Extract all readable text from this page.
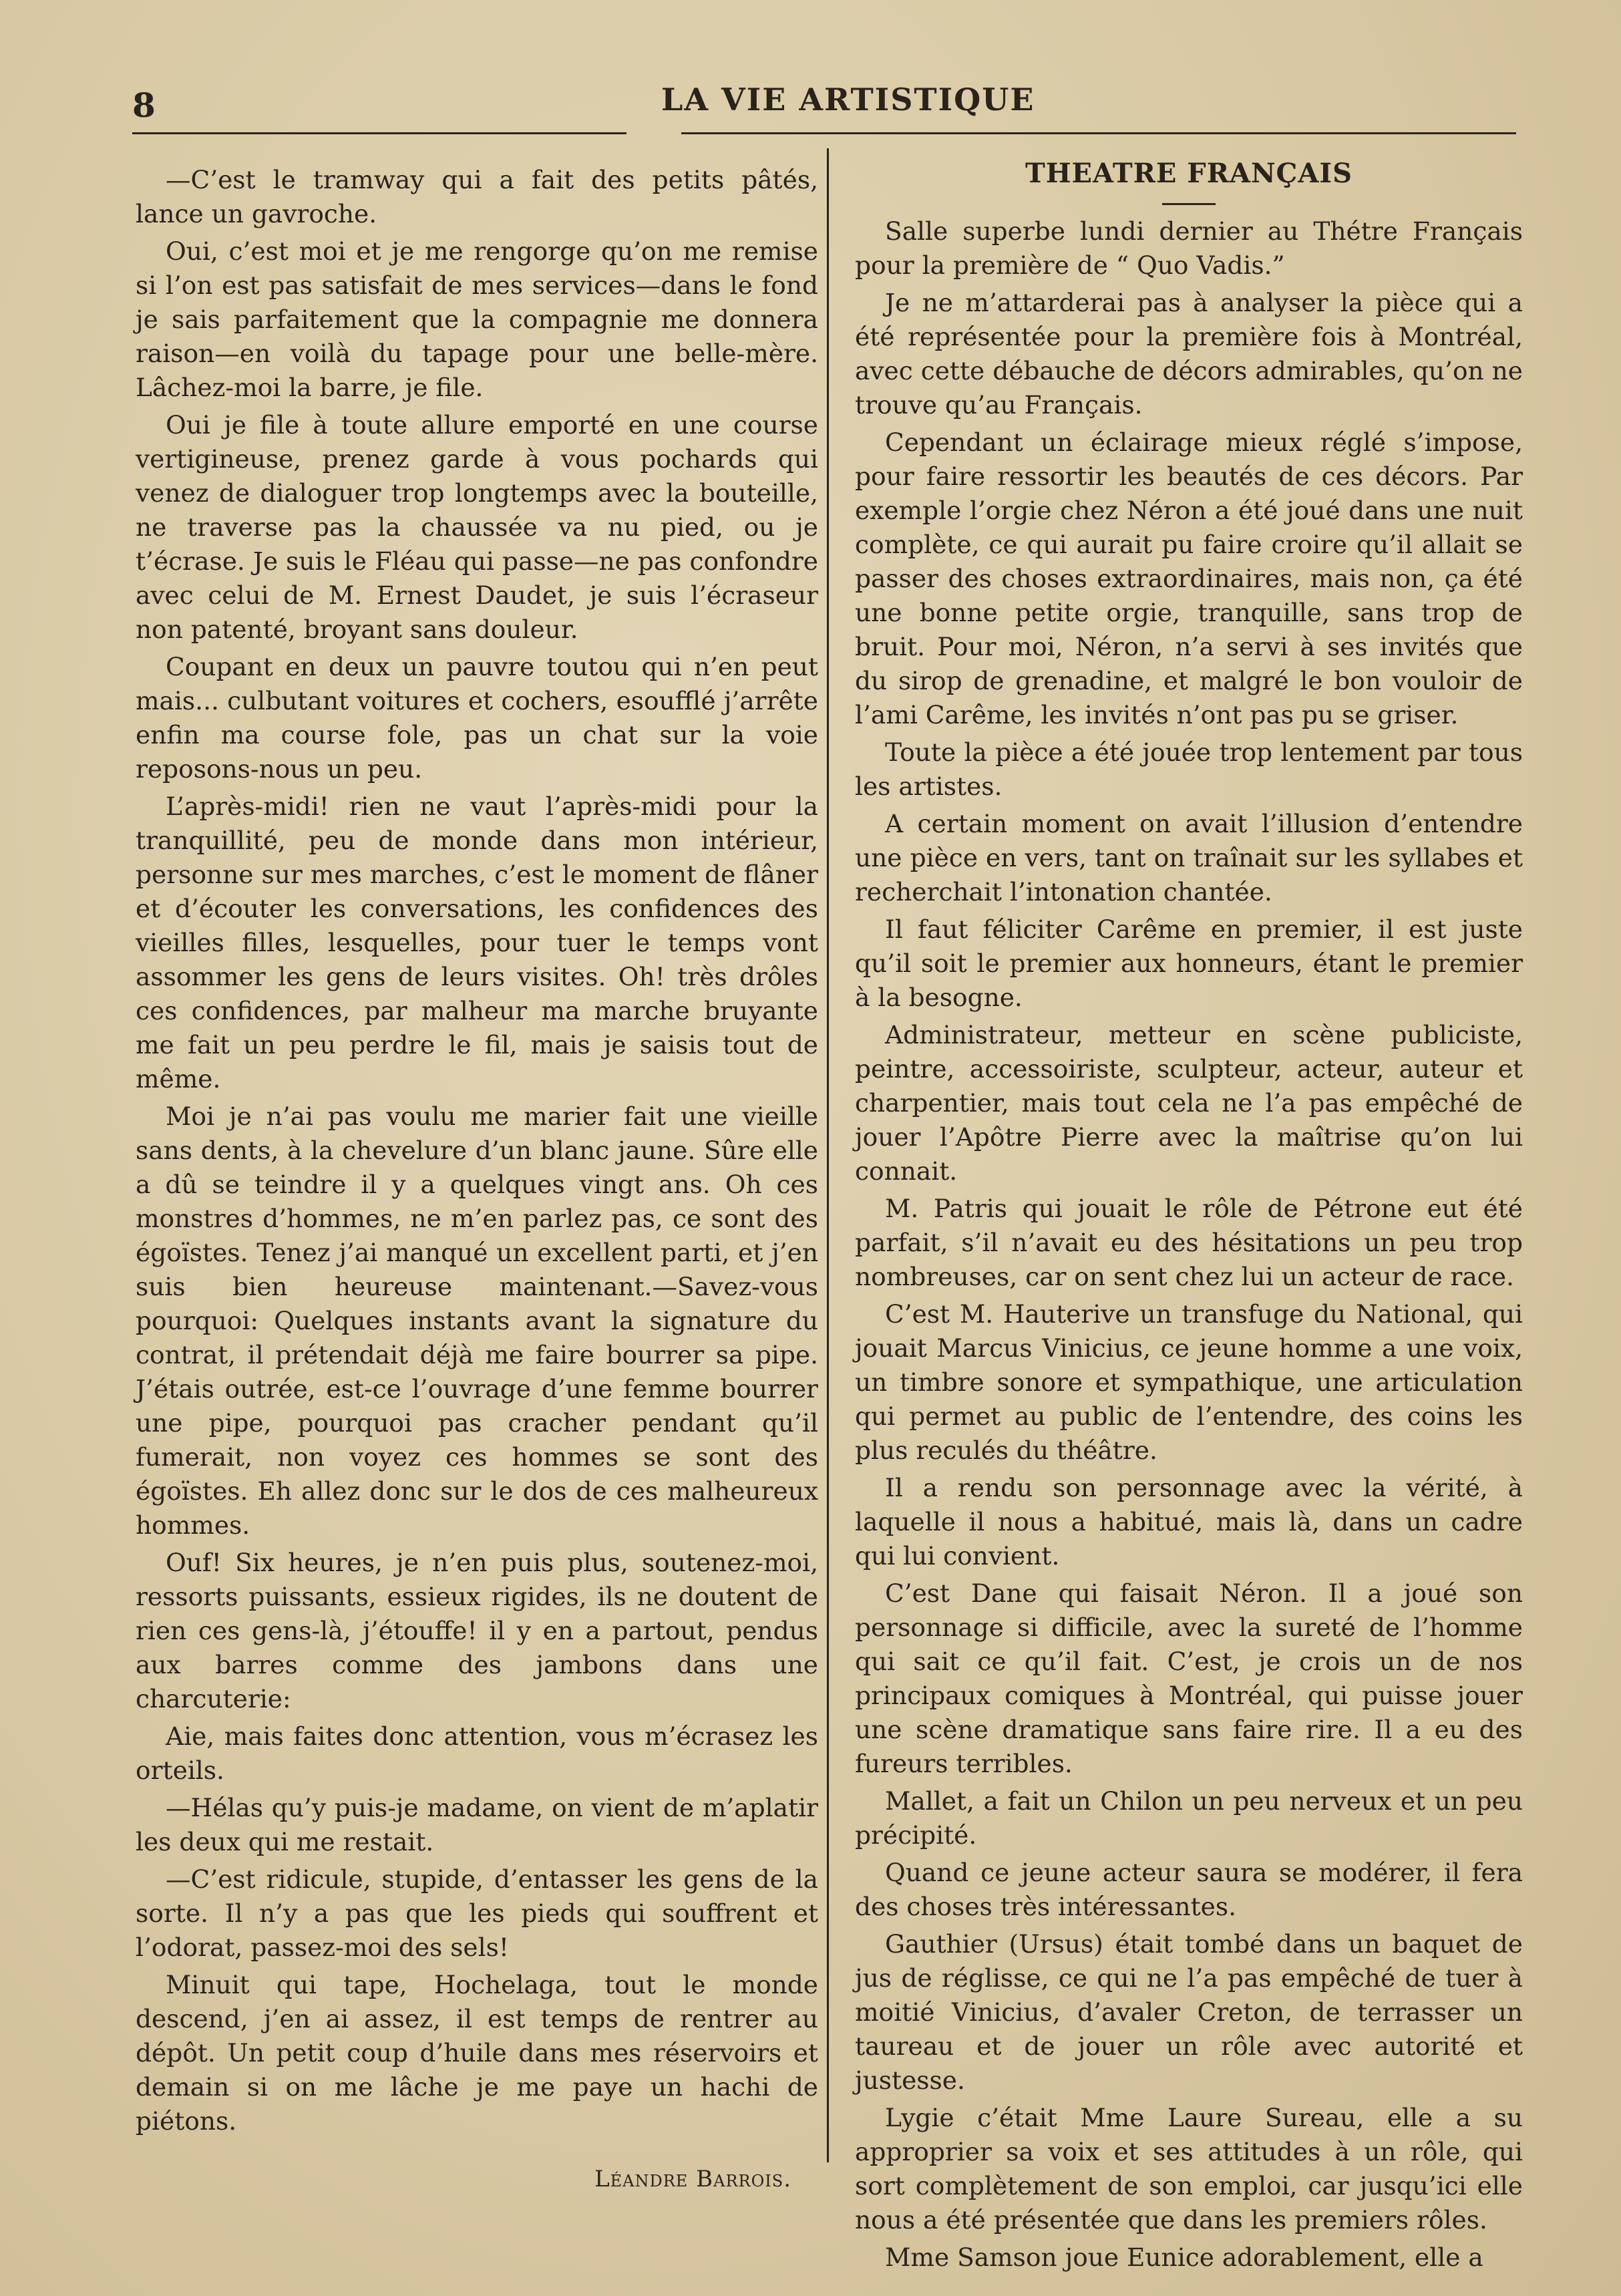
8	LA VIE ARTISTIQUE

—C’est le tramway qui a fait des petits pâtés, lance un gavroche.

Oui, c’est moi et je me rengorge qu’on me remise si l’on est pas satisfait de mes services—dans le fond je sais parfaitement que la compagnie me donnera raison—en voilà du tapage pour une belle-mère. Lâchez-moi la barre, je file.

Oui je file à toute allure emporté en une course vertigineuse, prenez garde à vous pochards qui venez de dialoguer trop longtemps avec la bouteille, ne traverse pas la chaussée va nu pied, ou je t’écrase. Je suis le Fléau qui passe—ne pas confondre avec celui de M. Ernest Daudet, je suis l’écraseur non patenté, broyant sans douleur.

Coupant en deux un pauvre toutou qui n’en peut mais... culbutant voitures et cochers, esoufflé j’arrête enfin ma course fole, pas un chat sur la voie reposons-nous un peu.

L’après-midi! rien ne vaut l’après-midi pour la tranquillité, peu de monde dans mon intérieur, personne sur mes marches, c’est le moment de flâner et d’écouter les conversations, les confidences des vieilles filles, lesquelles, pour tuer le temps vont assommer les gens de leurs visites. Oh! très drôles ces confidences, par malheur ma marche bruyante me fait un peu perdre le fil, mais je saisis tout de même.

Moi je n’ai pas voulu me marier fait une vieille sans dents, à la chevelure d’un blanc jaune. Sûre elle a dû se teindre il y a quelques vingt ans. Oh ces monstres d’hommes, ne m’en parlez pas, ce sont des égoïstes. Tenez j’ai manqué un excellent parti, et j’en suis bien heureuse maintenant.—Savez-vous pourquoi: Quelques instants avant la signature du contrat, il prétendait déjà me faire bourrer sa pipe. J’étais outrée, est-ce l’ouvrage d’une femme bourrer une pipe, pourquoi pas cracher pendant qu’il fumerait, non voyez ces hommes se sont des égoïstes. Eh allez donc sur le dos de ces malheureux hommes.

Ouf! Six heures, je n’en puis plus, soutenez-moi, ressorts puissants, essieux rigides, ils ne doutent de rien ces gens-là, j’étouffe! il y en a partout, pendus aux barres comme des jambons dans une charcuterie:

Aie, mais faites donc attention, vous m’écrasez les orteils.

—Hélas qu’y puis-je madame, on vient de m’aplatir les deux qui me restait.

—C’est ridicule, stupide, d’entasser les gens de la sorte. Il n’y a pas que les pieds qui souffrent et l’odorat, passez-moi des sels!

Minuit qui tape, Hochelaga, tout le monde descend, j’en ai assez, il est temps de rentrer au dépôt. Un petit coup d’huile dans mes réservoirs et demain si on me lâche je me paye un hachi de piétons.

Léandre Barrois.
THEATRE FRANÇAIS

Salle superbe lundi dernier au Thétre Français pour la première de “ Quo Vadis.”

Je ne m’attarderai pas à analyser la pièce qui a été représentée pour la première fois à Montréal, avec cette débauche de décors admirables, qu’on ne trouve qu’au Français.

Cependant un éclairage mieux réglé s’impose, pour faire ressortir les beautés de ces décors. Par exemple l’orgie chez Néron a été joué dans une nuit complète, ce qui aurait pu faire croire qu’il allait se passer des choses extraordinaires, mais non, ça été une bonne petite orgie, tranquille, sans trop de bruit. Pour moi, Néron, n’a servi à ses invités que du sirop de grenadine, et malgré le bon vouloir de l’ami Carême, les invités n’ont pas pu se griser.

Toute la pièce a été jouée trop lentement par tous les artistes.

A certain moment on avait l’illusion d’entendre une pièce en vers, tant on traînait sur les syllabes et recherchait l’intonation chantée.

Il faut féliciter Carême en premier, il est juste qu’il soit le premier aux honneurs, étant le premier à la besogne.

Administrateur, metteur en scène publiciste, peintre, accessoiriste, sculpteur, acteur, auteur et charpentier, mais tout cela ne l’a pas empêché de jouer l’Apôtre Pierre avec la maîtrise qu’on lui connait.

M. Patris qui jouait le rôle de Pétrone eut été parfait, s’il n’avait eu des hésitations un peu trop nombreuses, car on sent chez lui un acteur de race.

C’est M. Hauterive un transfuge du National, qui jouait Marcus Vinicius, ce jeune homme a une voix, un timbre sonore et sympathique, une articulation qui permet au public de l’entendre, des coins les plus reculés du théâtre.

Il a rendu son personnage avec la vérité, à laquelle il nous a habitué, mais là, dans un cadre qui lui convient.

C’est Dane qui faisait Néron. Il a joué son personnage si difficile, avec la sureté de l’homme qui sait ce qu’il fait. C’est, je crois un de nos principaux comiques à Montréal, qui puisse jouer une scène dramatique sans faire rire. Il a eu des fureurs terribles.

Mallet, a fait un Chilon un peu nerveux et un peu précipité.

Quand ce jeune acteur saura se modérer, il fera des choses très intéressantes.

Gauthier (Ursus) était tombé dans un baquet de jus de réglisse, ce qui ne l’a pas empêché de tuer à moitié Vinicius, d’avaler Creton, de terrasser un taureau et de jouer un rôle avec autorité et justesse.

Lygie c’était Mme Laure Sureau, elle a su approprier sa voix et ses attitudes à un rôle, qui sort complètement de son emploi, car jusqu’ici elle nous a été présentée que dans les premiers rôles.

Mme Samson joue Eunice adorablement, elle a
